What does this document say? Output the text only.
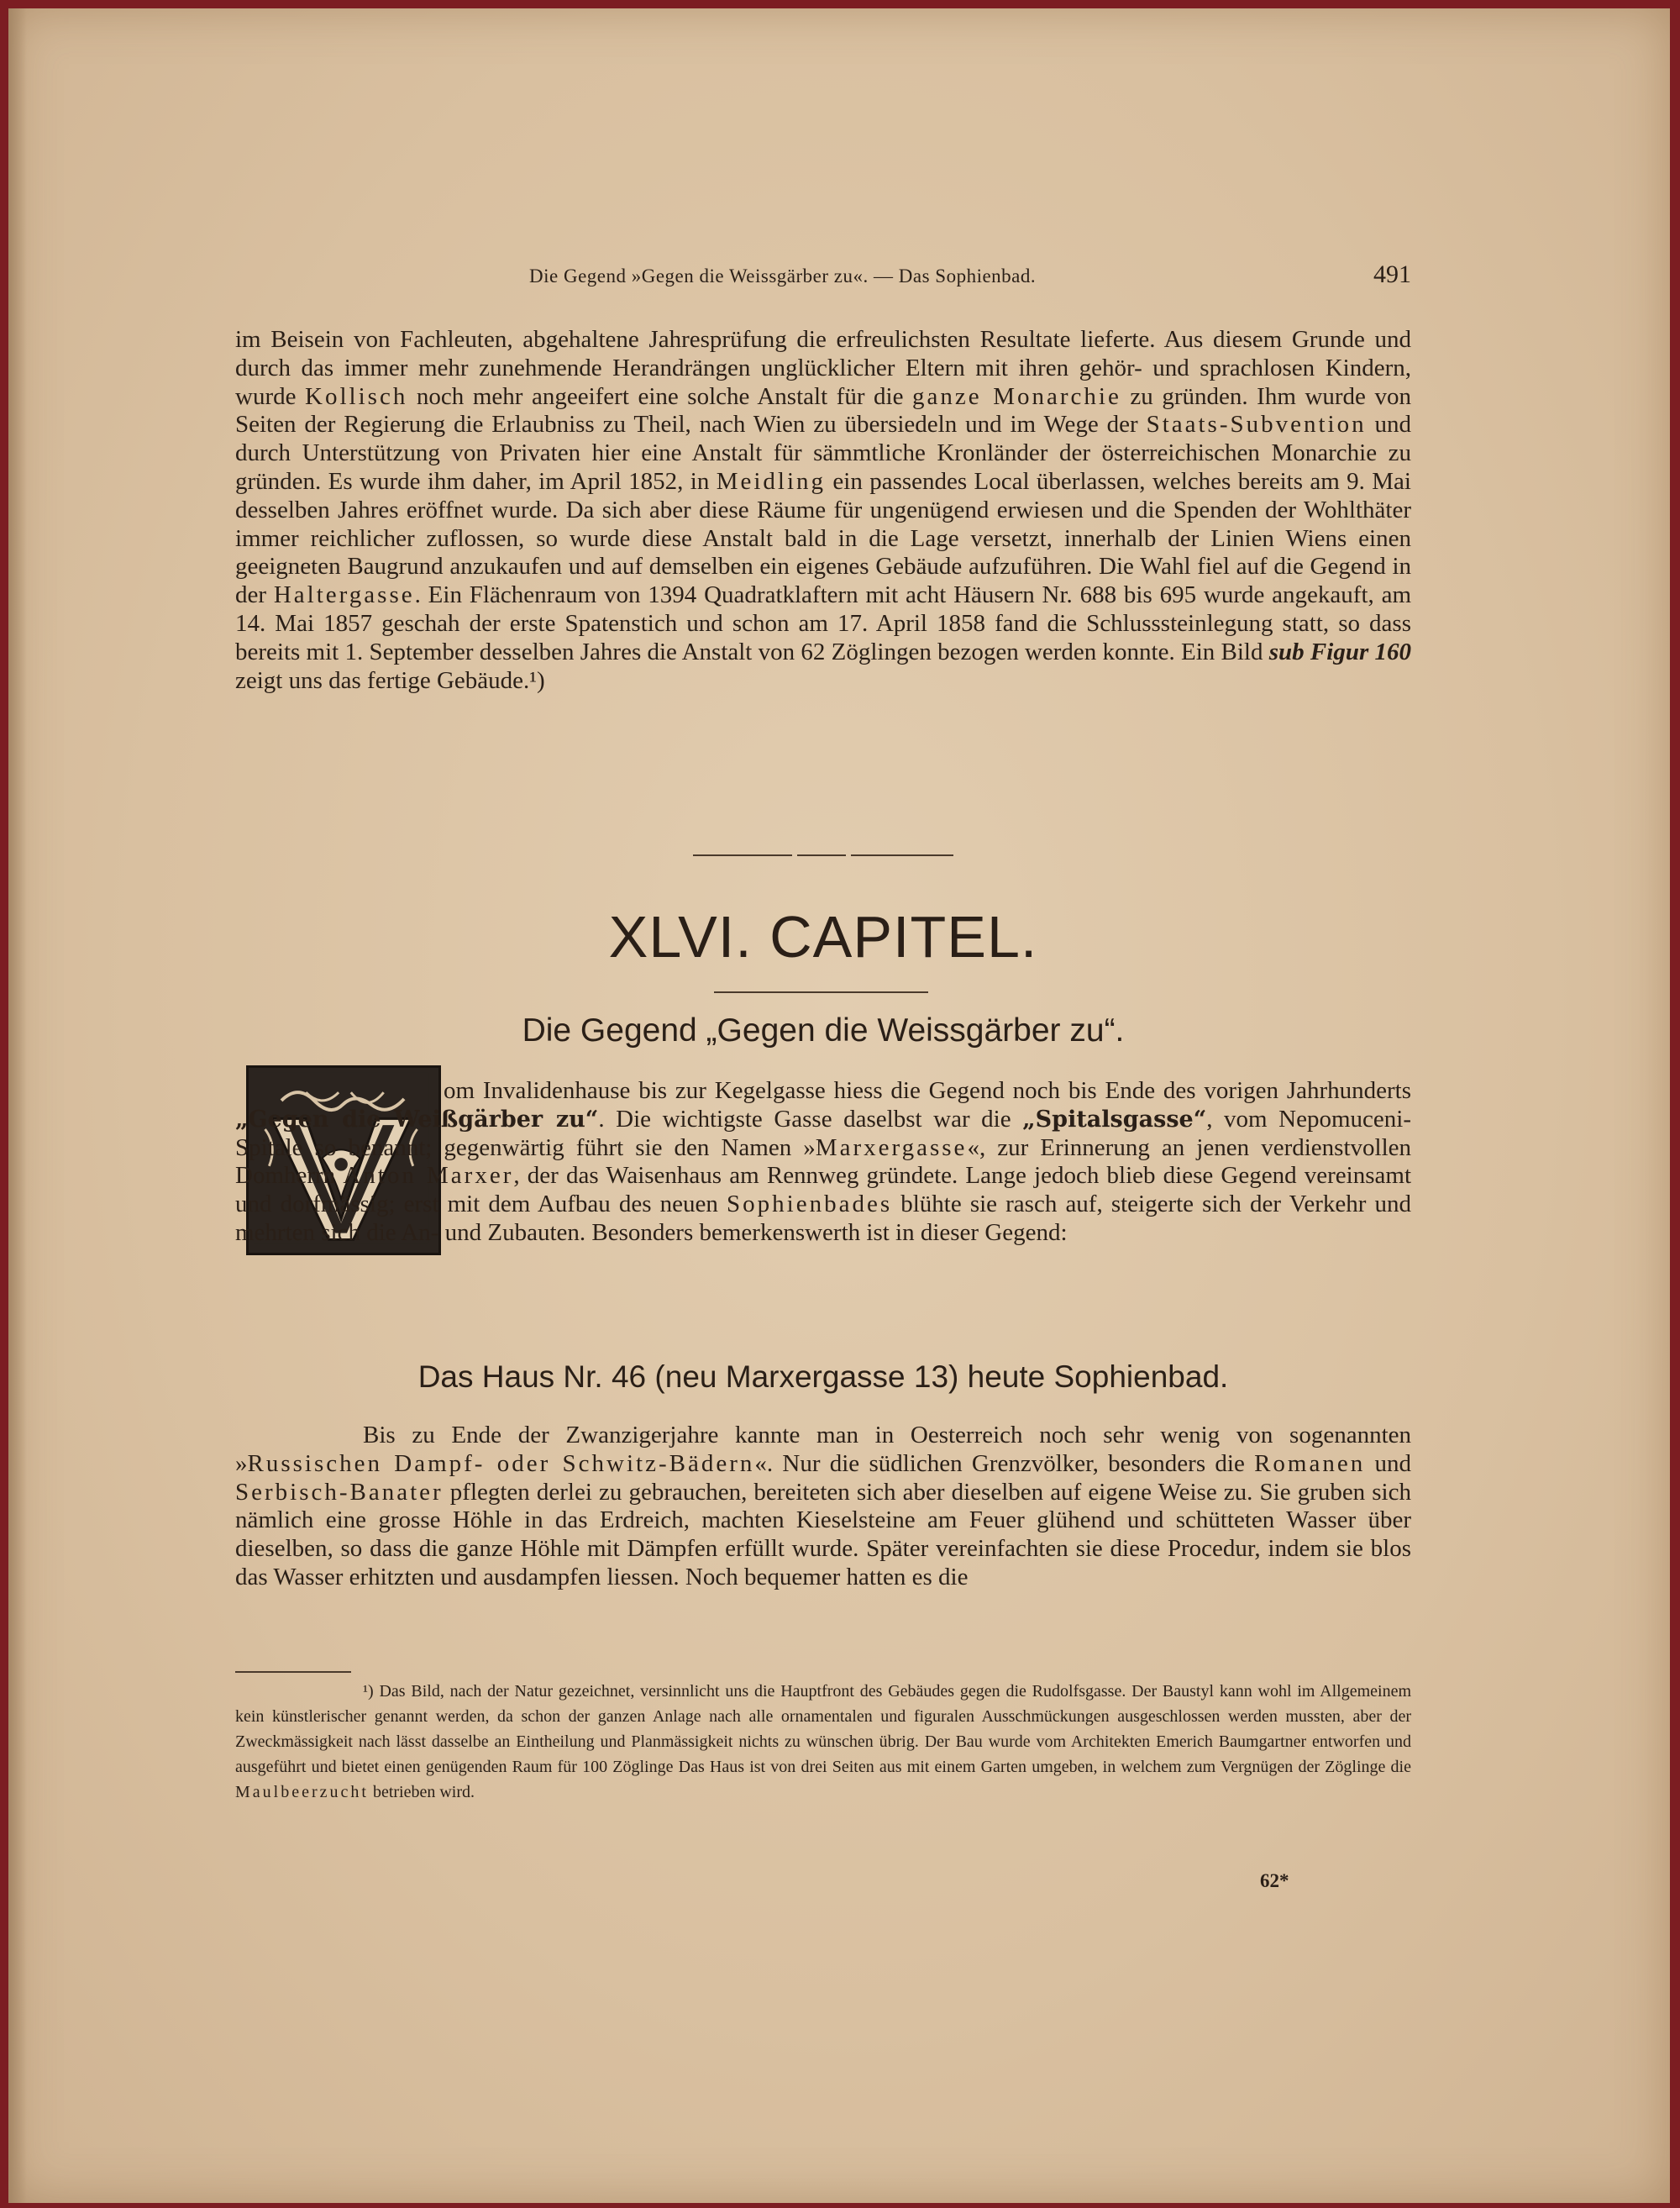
Die Gegend »Gegen die Weissgärber zu«. — Das Sophienbad.	491

im Beisein von Fachleuten, abgehaltene Jahresprüfung die erfreulichsten Resultate lieferte. Aus diesem Grunde und durch das immer mehr zunehmende Herandrängen unglücklicher Eltern mit ihren gehör- und sprachlosen Kindern, wurde Kollisch noch mehr angeeifert eine solche Anstalt für die ganze Monarchie zu gründen. Ihm wurde von Seiten der Regierung die Erlaubniss zu Theil, nach Wien zu übersiedeln und im Wege der Staats-Subvention und durch Unterstützung von Privaten hier eine Anstalt für sämmtliche Kronländer der österreichischen Monarchie zu gründen. Es wurde ihm daher, im April 1852, in Meidling ein passendes Local überlassen, welches bereits am 9. Mai desselben Jahres eröffnet wurde. Da sich aber diese Räume für ungenügend erwiesen und die Spenden der Wohlthäter immer reichlicher zuflossen, so wurde diese Anstalt bald in die Lage versetzt, innerhalb der Linien Wiens einen geeigneten Baugrund anzukaufen und auf demselben ein eigenes Gebäude aufzuführen. Die Wahl fiel auf die Gegend in der Haltergasse. Ein Flächenraum von 1394 Quadratklaftern mit acht Häusern Nr. 688 bis 695 wurde angekauft, am 14. Mai 1857 geschah der erste Spatenstich und schon am 17. April 1858 fand die Schlusssteinlegung statt, so dass bereits mit 1. September desselben Jahres die Anstalt von 62 Zöglingen bezogen werden konnte. Ein Bild sub Figur 160 zeigt uns das fertige Gebäude.¹)

XLVI. CAPITEL.
Die Gegend „Gegen die Weissgärber zu“.

om Invalidenhause bis zur Kegelgasse hiess die Gegend noch bis Ende des vorigen Jahrhunderts „Gegen die Weißgärber zu“. Die wichtigste Gasse daselbst war die „Spitalsgasse“, vom Nepomuceni-Spitale so benannt; gegenwärtig führt sie den Namen »Marxergasse«, zur Erinnerung an jenen verdienstvollen Domherrn Anton Marxer, der das Waisenhaus am Rennweg gründete. Lange jedoch blieb diese Gegend vereinsamt und dorfmässig; erst mit dem Aufbau des neuen Sophienbades blühte sie rasch auf, steigerte sich der Verkehr und mehrten sich die An- und Zubauten. Besonders bemerkenswerth ist in dieser Gegend:

Das Haus Nr. 46 (neu Marxergasse 13) heute Sophienbad.

Bis zu Ende der Zwanzigerjahre kannte man in Oesterreich noch sehr wenig von sogenannten »Russischen Dampf- oder Schwitz-Bädern«. Nur die südlichen Grenzvölker, besonders die Romanen und Serbisch-Banater pflegten derlei zu gebrauchen, bereiteten sich aber dieselben auf eigene Weise zu. Sie gruben sich nämlich eine grosse Höhle in das Erdreich, machten Kieselsteine am Feuer glühend und schütteten Wasser über dieselben, so dass die ganze Höhle mit Dämpfen erfüllt wurde. Später vereinfachten sie diese Procedur, indem sie blos das Wasser erhitzten und ausdampfen liessen. Noch bequemer hatten es die

¹) Das Bild, nach der Natur gezeichnet, versinnlicht uns die Hauptfront des Gebäudes gegen die Rudolfsgasse. Der Baustyl kann wohl im Allgemeinem kein künstlerischer genannt werden, da schon der ganzen Anlage nach alle ornamentalen und figuralen Ausschmückungen ausgeschlossen werden mussten, aber der Zweckmässigkeit nach lässt dasselbe an Eintheilung und Planmässigkeit nichts zu wünschen übrig. Der Bau wurde vom Architekten Emerich Baumgartner entworfen und ausgeführt und bietet einen genügenden Raum für 100 Zöglinge Das Haus ist von drei Seiten aus mit einem Garten umgeben, in welchem zum Vergnügen der Zöglinge die Maulbeerzucht betrieben wird.

62*
